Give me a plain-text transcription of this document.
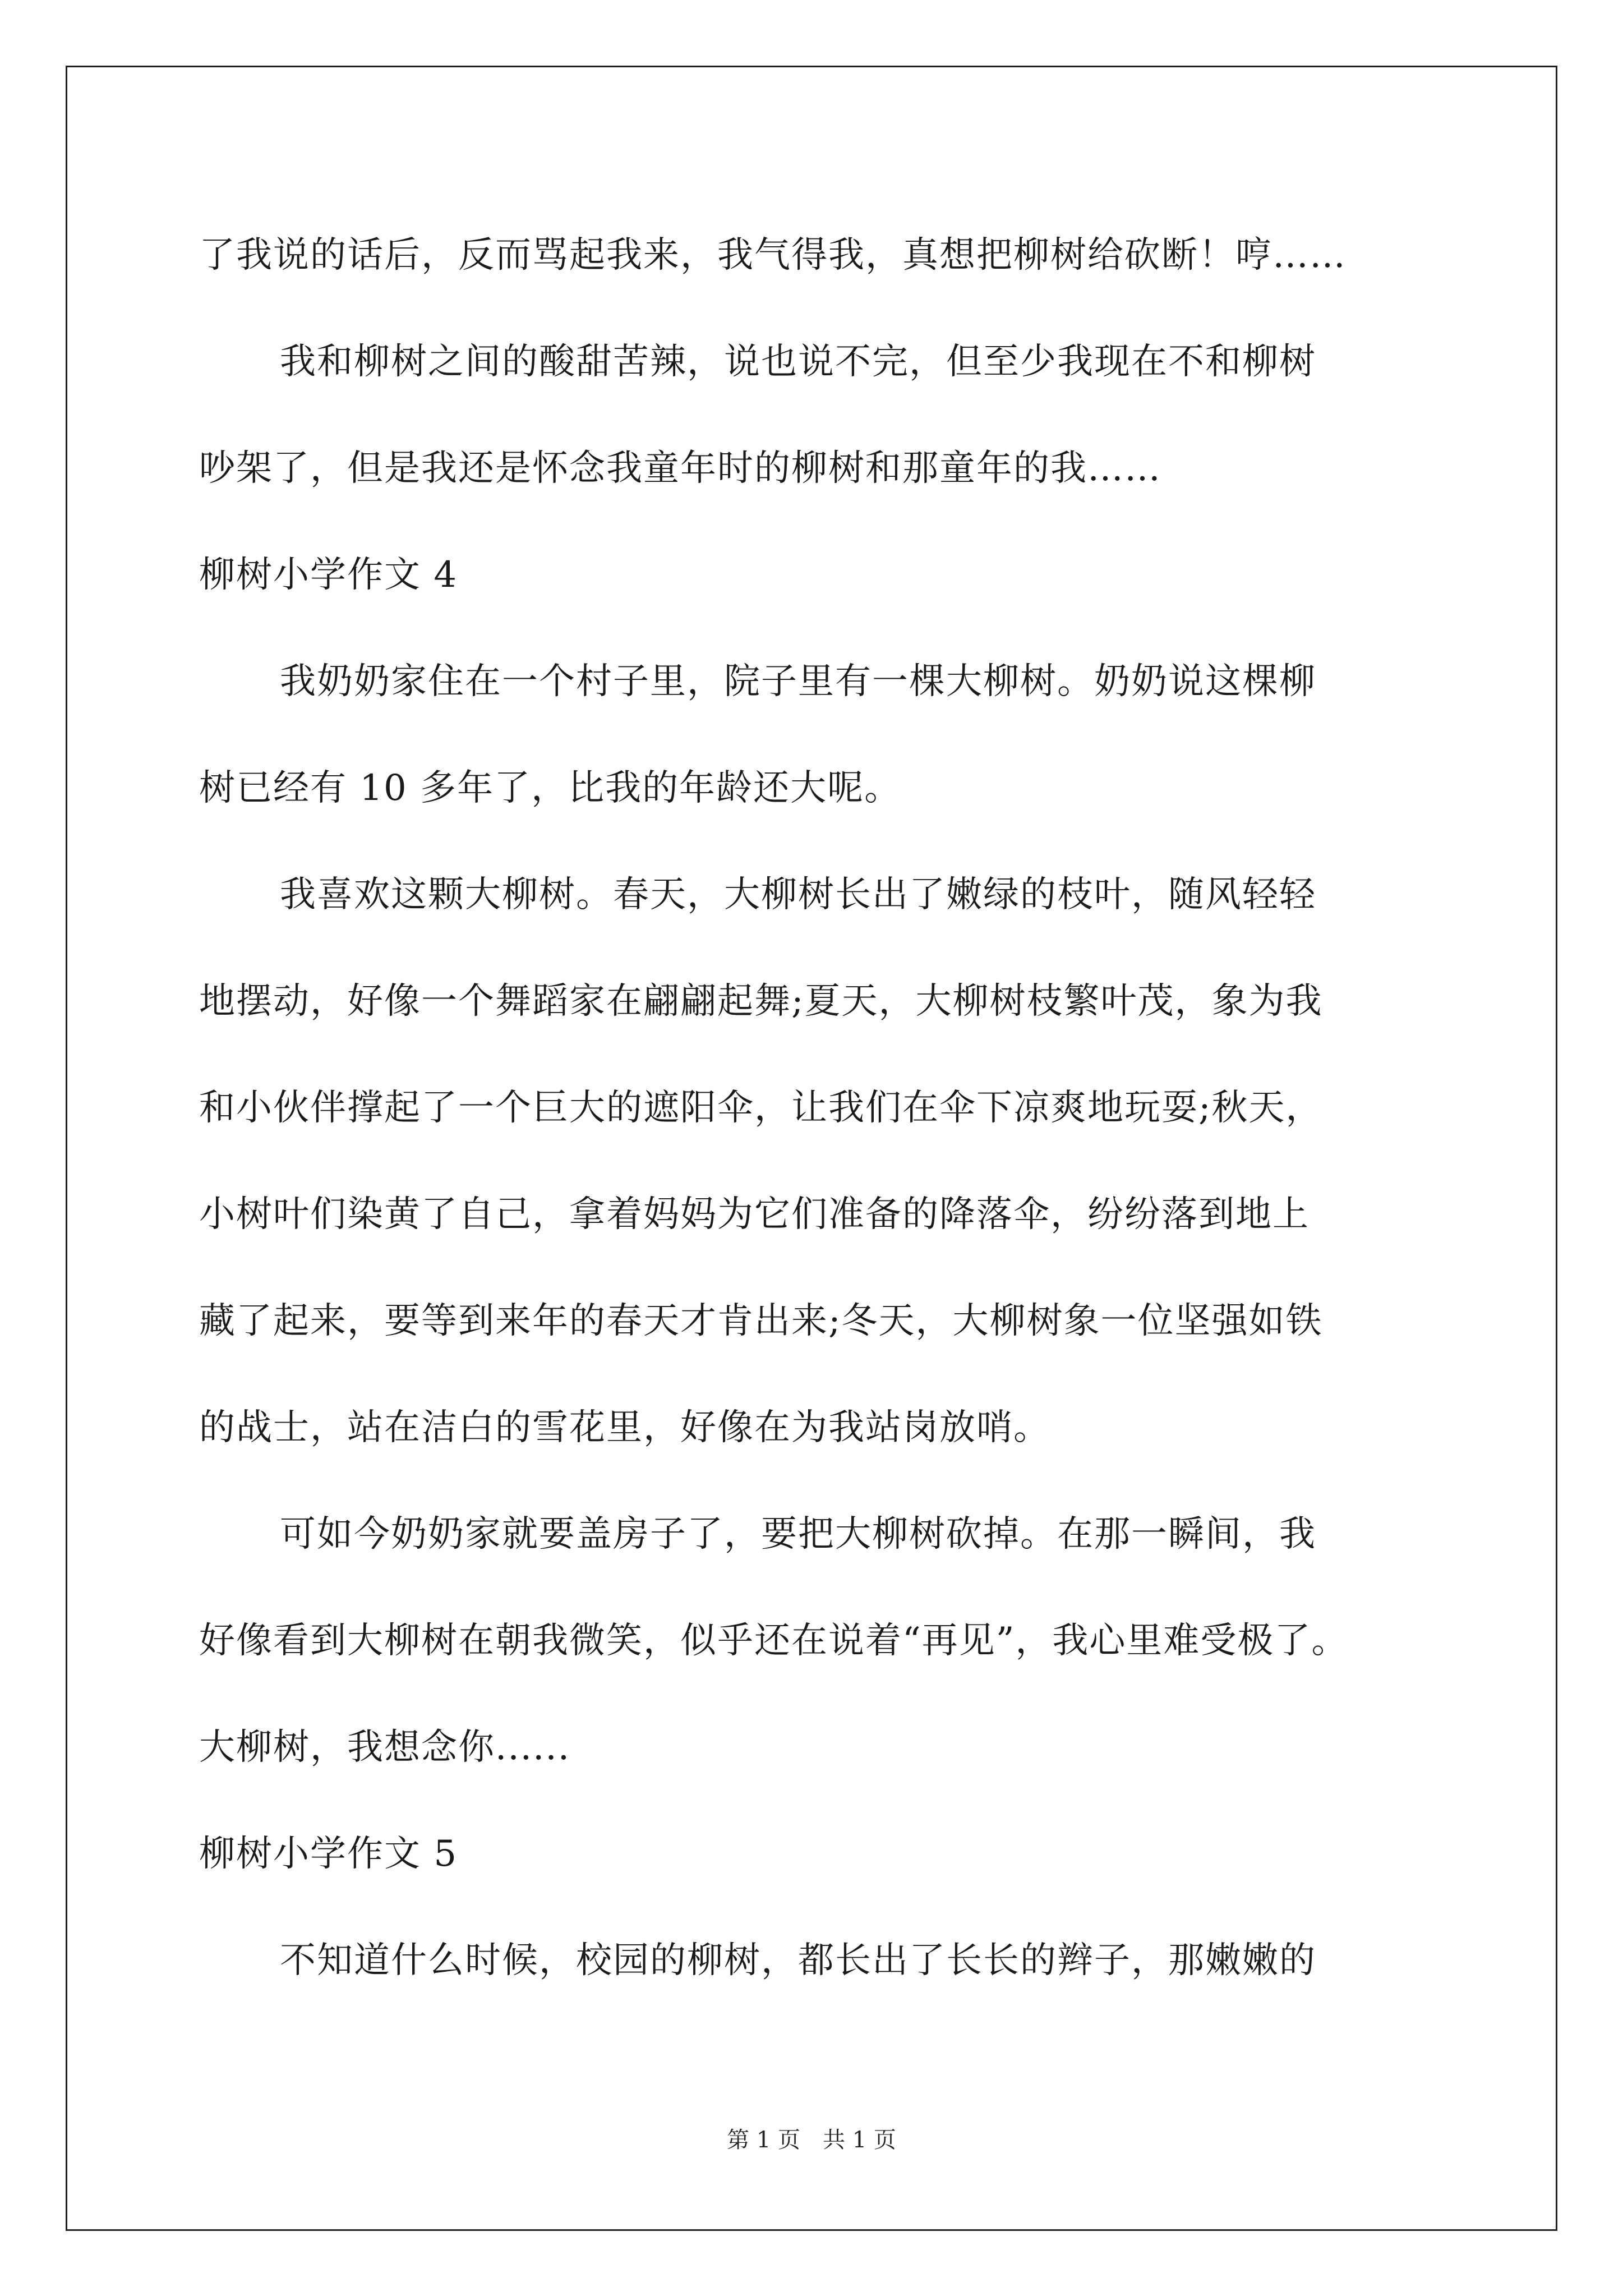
了我说的话后，反而骂起我来，我气得我，真想把柳树给砍断！哼……
我和柳树之间的酸甜苦辣，说也说不完，但至少我现在不和柳树
吵架了，但是我还是怀念我童年时的柳树和那童年的我……
柳树小学作文 4
我奶奶家住在一个村子里，院子里有一棵大柳树。奶奶说这棵柳
树已经有 10 多年了，比我的年龄还大呢。
我喜欢这颗大柳树。春天，大柳树长出了嫩绿的枝叶，随风轻轻
地摆动，好像一个舞蹈家在翩翩起舞;夏天，大柳树枝繁叶茂，象为我
和小伙伴撑起了一个巨大的遮阳伞，让我们在伞下凉爽地玩耍;秋天，
小树叶们染黄了自己，拿着妈妈为它们准备的降落伞，纷纷落到地上
藏了起来，要等到来年的春天才肯出来;冬天，大柳树象一位坚强如铁
的战士，站在洁白的雪花里，好像在为我站岗放哨。
可如今奶奶家就要盖房子了，要把大柳树砍掉。在那一瞬间，我
好像看到大柳树在朝我微笑，似乎还在说着“再见”，我心里难受极了。
大柳树，我想念你......
柳树小学作文 5
不知道什么时候，校园的柳树，都长出了长长的辫子，那嫩嫩的
第 1 页 共 1 页
